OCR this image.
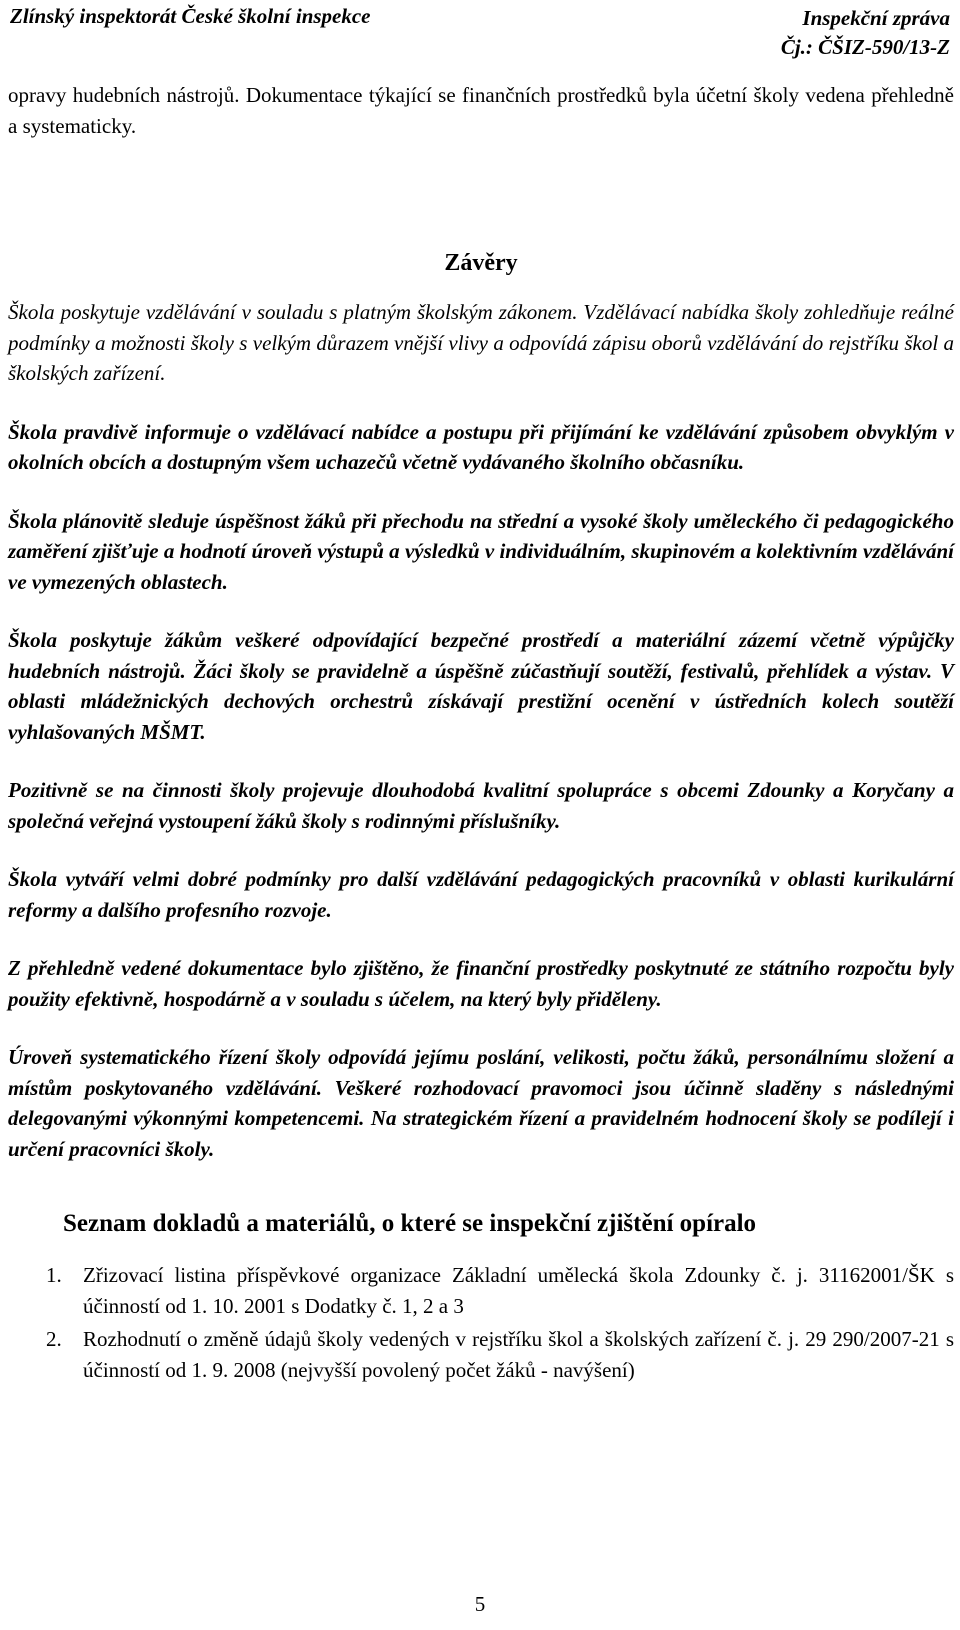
Zlínský inspektorát České školní inspekce	Inspekční zpráva
Čj.: ČŠIZ-590/13-Z

opravy hudebních nástrojů. Dokumentace týkající se finančních prostředků byla účetní školy vedena přehledně a systematicky.

Závěry

Škola poskytuje vzdělávání v souladu s platným školským zákonem. Vzdělávací nabídka školy zohledňuje reálné podmínky a možnosti školy s velkým důrazem vnější vlivy a odpovídá zápisu oborů vzdělávání do rejstříku škol a školských zařízení.

Škola pravdivě informuje o vzdělávací nabídce a postupu při přijímání ke vzdělávání způsobem obvyklým v okolních obcích a dostupným všem uchazečů včetně vydávaného školního občasníku.

Škola plánovitě sleduje úspěšnost žáků při přechodu na střední a vysoké školy uměleckého či pedagogického zaměření zjišťuje a hodnotí úroveň výstupů a výsledků v individuálním, skupinovém a kolektivním vzdělávání ve vymezených oblastech.

Škola poskytuje žákům veškeré odpovídající bezpečné prostředí a materiální zázemí včetně výpůjčky hudebních nástrojů. Žáci školy se pravidelně a úspěšně zúčastňují soutěží, festivalů, přehlídek a výstav. V oblasti mládežnických dechových orchestrů získávají prestižní ocenění v ústředních kolech soutěží vyhlašovaných MŠMT.

Pozitivně se na činnosti školy projevuje dlouhodobá kvalitní spolupráce s obcemi Zdounky a Koryčany a společná veřejná vystoupení žáků školy s rodinnými příslušníky.

Škola vytváří velmi dobré podmínky pro další vzdělávání pedagogických pracovníků v oblasti kurikulární reformy a dalšího profesního rozvoje.

Z přehledně vedené dokumentace bylo zjištěno, že finanční prostředky poskytnuté ze státního rozpočtu byly použity efektivně, hospodárně a v souladu s účelem, na který byly přiděleny.

Úroveň systematického řízení školy odpovídá jejímu poslání, velikosti, počtu žáků, personálnímu složení a místům poskytovaného vzdělávání. Veškeré rozhodovací pravomoci jsou účinně sladěny s následnými delegovanými výkonnými kompetencemi. Na strategickém řízení a pravidelném hodnocení školy se podílejí i určení pracovníci školy.

Seznam dokladů a materiálů, o které se inspekční zjištění opíralo
1.	Zřizovací listina příspěvkové organizace Základní umělecká škola Zdounky č. j. 31162001/ŠK s účinností od 1. 10. 2001 s Dodatky č. 1, 2 a 3
2.	Rozhodnutí o změně údajů školy vedených v rejstříku škol a školských zařízení č. j. 29 290/2007-21 s účinností od 1. 9. 2008 (nejvyšší povolený počet žáků - navýšení)
5
